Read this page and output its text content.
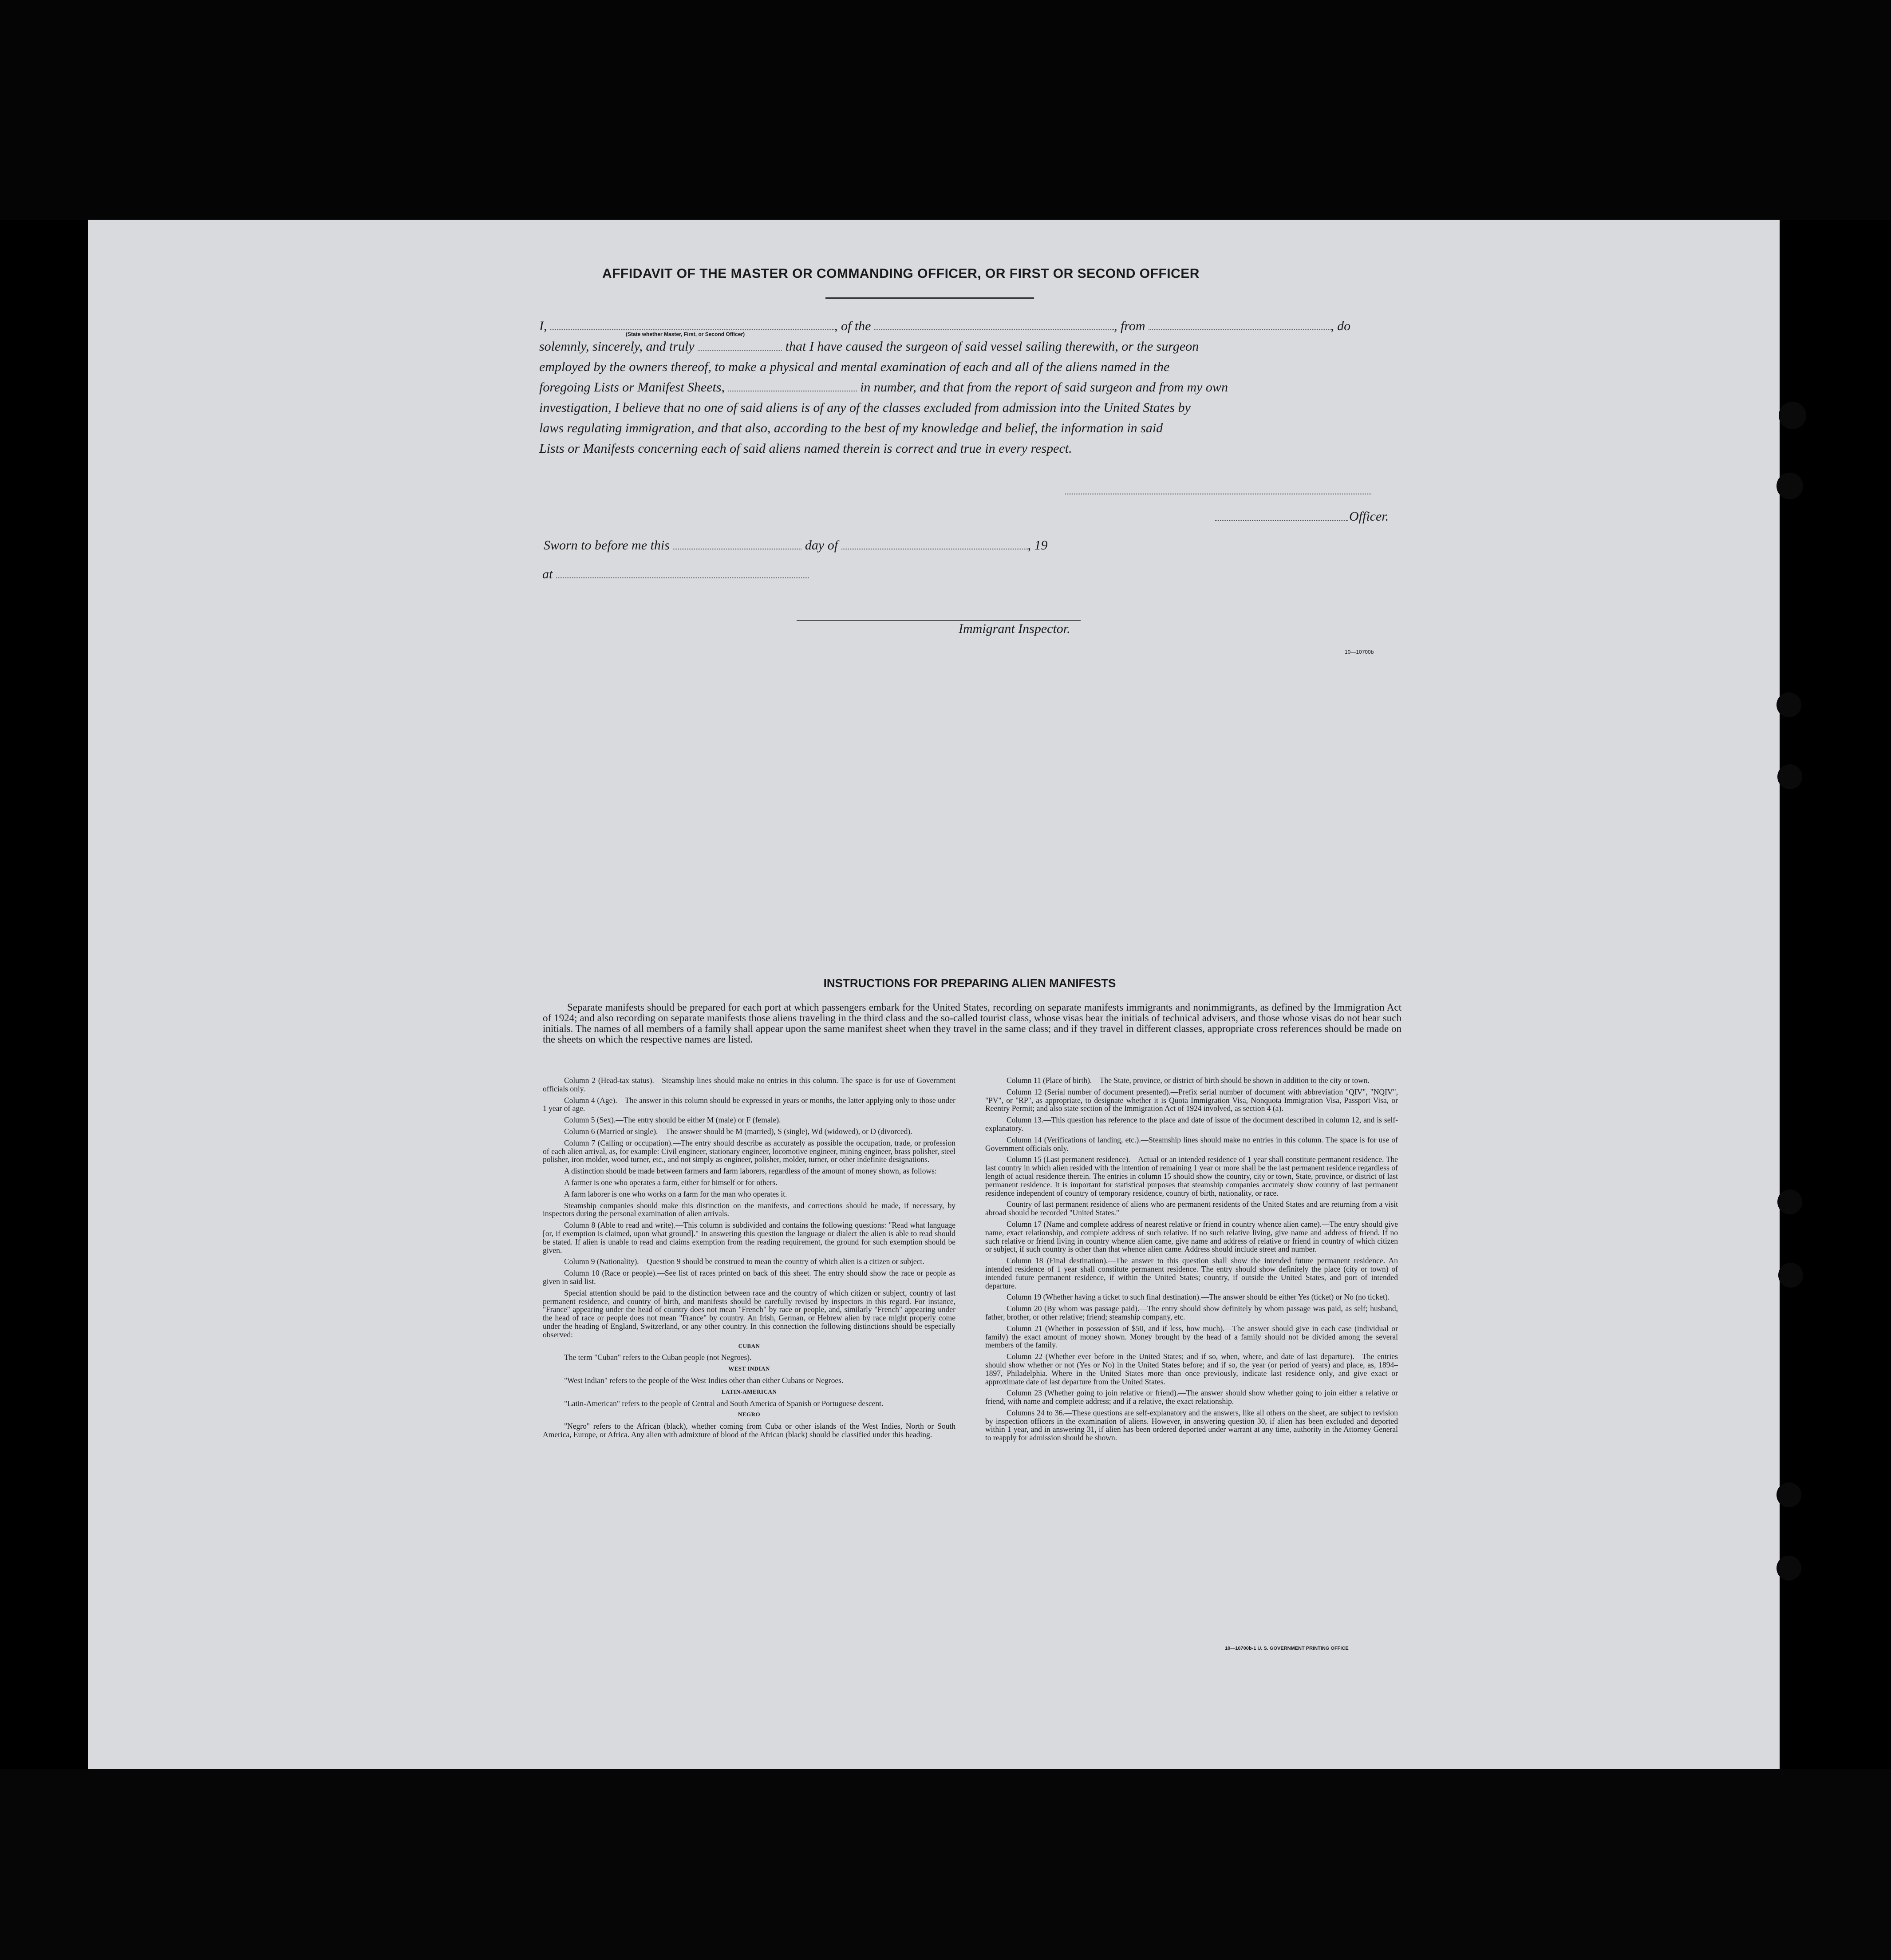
AFFIDAVIT OF THE MASTER OR COMMANDING OFFICER, OR FIRST OR SECOND OFFICER

I,	, of the	, from	, do

solemnly, sincerely, and truly	that I have caused the surgeon of said vessel sailing therewith, or the surgeon

employed by the owners thereof, to make a physical and mental examination of each and all of the aliens named in the

foregoing Lists or Manifest Sheets,	in number, and that from the report of said surgeon and from my own

investigation, I believe that no one of said aliens is of any of the classes excluded from admission into the United States by

laws regulating immigration, and that also, according to the best of my knowledge and belief, the information in said

Lists or Manifests concerning each of said aliens named therein is correct and true in every respect.

(State whether Master, First, or Second Officer)
Officer.
Sworn to before me this	day of	, 19
at
Immigrant Inspector.
10—10700b
INSTRUCTIONS FOR PREPARING ALIEN MANIFESTS
Separate manifests should be prepared for each port at which passengers embark for the United States, recording on separate manifests immigrants and nonimmigrants, as defined by the Immigration Act of 1924; and also recording on separate manifests those aliens traveling in the third class and the so-called tourist class, whose visas bear the initials of technical advisers, and those whose visas do not bear such initials. The names of all members of a family shall appear upon the same manifest sheet when they travel in the same class; and if they travel in different classes, appropriate cross references should be made on the sheets on which the respective names are listed.

Column 2 (Head-tax status).—Steamship lines should make no entries in this column. The space is for use of Government officials only.

Column 4 (Age).—The answer in this column should be expressed in years or months, the latter applying only to those under 1 year of age.

Column 5 (Sex).—The entry should be either M (male) or F (female).

Column 6 (Married or single).—The answer should be M (married), S (single), Wd (widowed), or D (divorced).

Column 7 (Calling or occupation).—The entry should describe as accurately as possible the occupation, trade, or profession of each alien arrival, as, for example: Civil engineer, stationary engineer, locomotive engineer, mining engineer, brass polisher, steel polisher, iron molder, wood turner, etc., and not simply as engineer, polisher, molder, turner, or other indefinite designations.

A distinction should be made between farmers and farm laborers, regardless of the amount of money shown, as follows:

A farmer is one who operates a farm, either for himself or for others.

A farm laborer is one who works on a farm for the man who operates it.

Steamship companies should make this distinction on the manifests, and corrections should be made, if necessary, by inspectors during the personal examination of alien arrivals.

Column 8 (Able to read and write).—This column is subdivided and contains the following questions: "Read what language [or, if exemption is claimed, upon what ground]." In answering this question the language or dialect the alien is able to read should be stated. If alien is unable to read and claims exemption from the reading requirement, the ground for such exemption should be given.

Column 9 (Nationality).—Question 9 should be construed to mean the country of which alien is a citizen or subject.

Column 10 (Race or people).—See list of races printed on back of this sheet. The entry should show the race or people as given in said list.

Special attention should be paid to the distinction between race and the country of which citizen or subject, country of last permanent residence, and country of birth, and manifests should be carefully revised by inspectors in this regard. For instance, "France" appearing under the head of country does not mean "French" by race or people, and, similarly "French" appearing under the head of race or people does not mean "France" by country. An Irish, German, or Hebrew alien by race might properly come under the heading of England, Switzerland, or any other country. In this connection the following distinctions should be especially observed:

CUBAN

The term "Cuban" refers to the Cuban people (not Negroes).

WEST INDIAN

"West Indian" refers to the people of the West Indies other than either Cubans or Negroes.

LATIN-AMERICAN

"Latin-American" refers to the people of Central and South America of Spanish or Portuguese descent.

NEGRO

"Negro" refers to the African (black), whether coming from Cuba or other islands of the West Indies, North or South America, Europe, or Africa. Any alien with admixture of blood of the African (black) should be classified under this heading.

Column 11 (Place of birth).—The State, province, or district of birth should be shown in addition to the city or town.

Column 12 (Serial number of document presented).—Prefix serial number of document with abbreviation "QIV", "NQIV", "PV", or "RP", as appropriate, to designate whether it is Quota Immigration Visa, Nonquota Immigration Visa, Passport Visa, or Reentry Permit; and also state section of the Immigration Act of 1924 involved, as section 4 (a).

Column 13.—This question has reference to the place and date of issue of the document described in column 12, and is self-explanatory.

Column 14 (Verifications of landing, etc.).—Steamship lines should make no entries in this column. The space is for use of Government officials only.

Column 15 (Last permanent residence).—Actual or an intended residence of 1 year shall constitute permanent residence. The last country in which alien resided with the intention of remaining 1 year or more shall be the last permanent residence regardless of length of actual residence therein. The entries in column 15 should show the country, city or town, State, province, or district of last permanent residence. It is important for statistical purposes that steamship companies accurately show country of last permanent residence independent of country of temporary residence, country of birth, nationality, or race.

Country of last permanent residence of aliens who are permanent residents of the United States and are returning from a visit abroad should be recorded "United States."

Column 17 (Name and complete address of nearest relative or friend in country whence alien came).—The entry should give name, exact relationship, and complete address of such relative. If no such relative living, give name and address of friend. If no such relative or friend living in country whence alien came, give name and address of relative or friend in country of which citizen or subject, if such country is other than that whence alien came. Address should include street and number.

Column 18 (Final destination).—The answer to this question shall show the intended future permanent residence. An intended residence of 1 year shall constitute permanent residence. The entry should show definitely the place (city or town) of intended future permanent residence, if within the United States; country, if outside the United States, and port of intended departure.

Column 19 (Whether having a ticket to such final destination).—The answer should be either Yes (ticket) or No (no ticket).

Column 20 (By whom was passage paid).—The entry should show definitely by whom passage was paid, as self; husband, father, brother, or other relative; friend; steamship company, etc.

Column 21 (Whether in possession of $50, and if less, how much).—The answer should give in each case (individual or family) the exact amount of money shown. Money brought by the head of a family should not be divided among the several members of the family.

Column 22 (Whether ever before in the United States; and if so, when, where, and date of last departure).—The entries should show whether or not (Yes or No) in the United States before; and if so, the year (or period of years) and place, as, 1894–1897, Philadelphia. Where in the United States more than once previously, indicate last residence only, and give exact or approximate date of last departure from the United States.

Column 23 (Whether going to join relative or friend).—The answer should show whether going to join either a relative or friend, with name and complete address; and if a relative, the exact relationship.

Columns 24 to 36.—These questions are self-explanatory and the answers, like all others on the sheet, are subject to revision by inspection officers in the examination of aliens. However, in answering question 30, if alien has been excluded and deported within 1 year, and in answering 31, if alien has been ordered deported under warrant at any time, authority in the Attorney General to reapply for admission should be shown.

10—10700b-1 U. S. GOVERNMENT PRINTING OFFICE
